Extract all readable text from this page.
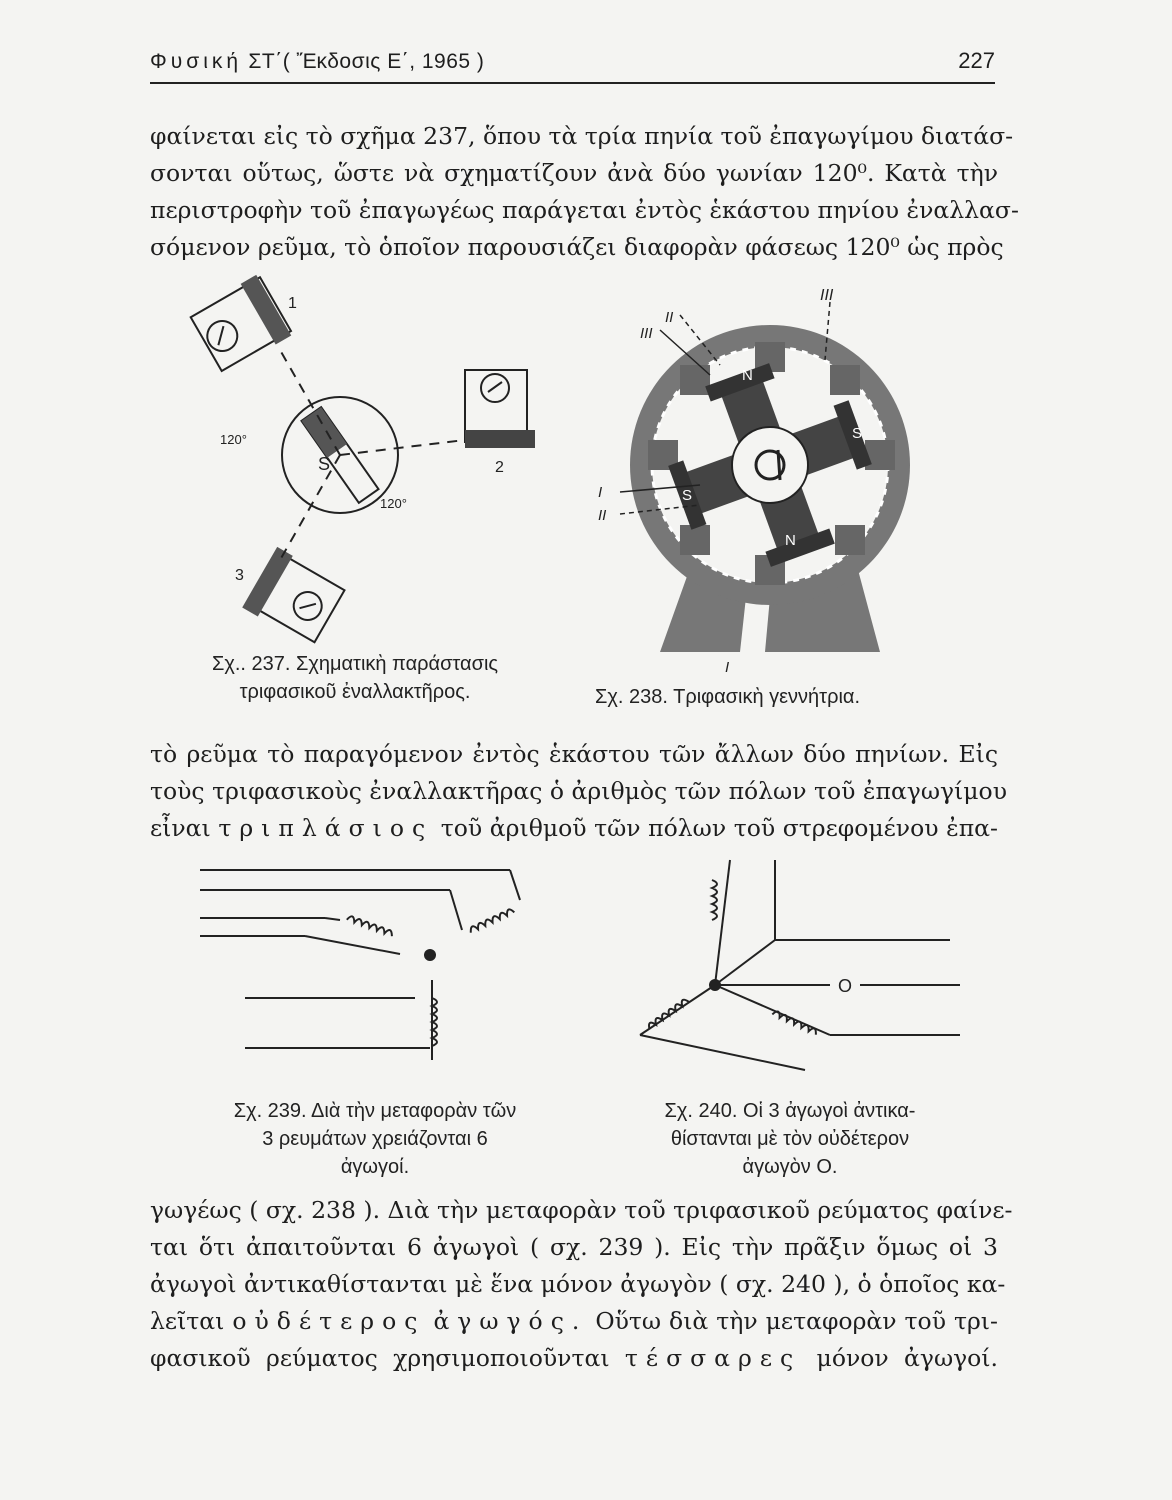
Φυσική ΣΤ΄( Ἔκδοσις Ε΄, 1965 )	227
φαίνεται εἰς τὸ σχῆμα 237, ὅπου τὰ τρία πηνία τοῦ ἐπαγωγίμου διατάσ-
σονται οὕτως, ὥστε νὰ σχηματίζουν ἀνὰ δύο γωνίαν 120⁰. Κατὰ τὴν
περιστροφὴν τοῦ ἐπαγωγέως παράγεται ἐντὸς ἑκάστου πηνίου ἐναλλασ-
σόμενον ρεῦμα, τὸ ὁποῖον παρουσιάζει διαφορὰν φάσεως 120⁰ ὡς πρὸς
1
2
3
S
120°
120°
Σχ.. 237. Σχηματικὴ παράστασις
τριφασικοῦ ἐναλλακτῆρος.
N
S
N
S
III
II
III
I
II
I
Σχ. 238. Τριφασικὴ γεννήτρια.
τὸ ρεῦμα τὸ παραγόμενον ἐντὸς ἑκάστου τῶν ἄλλων δύο πηνίων. Εἰς
τοὺς τριφασικοὺς ἐναλλακτῆρας ὁ ἀριθμὸς τῶν πόλων τοῦ ἐπαγωγίμου
εἶναι τριπλάσιος τοῦ ἀριθμοῦ τῶν πόλων τοῦ στρεφομένου ἐπα-
Σχ. 239. Διὰ τὴν μεταφορὰν τῶν
3 ρευμάτων χρειάζονται 6
ἀγωγοί.
O
Σχ. 240. Οἱ 3 ἀγωγοὶ ἀντικα-
θίστανται μὲ τὸν οὐδέτερον
ἀγωγὸν Ο.
γωγέως ( σχ. 238 ). Διὰ τὴν μεταφορὰν τοῦ τριφασικοῦ ρεύματος φαίνε-
ται ὅτι ἀπαιτοῦνται 6 ἀγωγοὶ ( σχ. 239 ). Εἰς τὴν πρᾶξιν ὅμως οἱ 3
ἀγωγοὶ ἀντικαθίστανται μὲ ἕνα μόνον ἀγωγὸν ( σχ. 240 ), ὁ ὁποῖος κα-
λεῖται οὐδέτερος ἀγωγός. Οὕτω διὰ τὴν μεταφορὰν τοῦ τρι-
φασικοῦ ρεύματος χρησιμοποιοῦνται τέσσαρες μόνον ἀγωγοί.
